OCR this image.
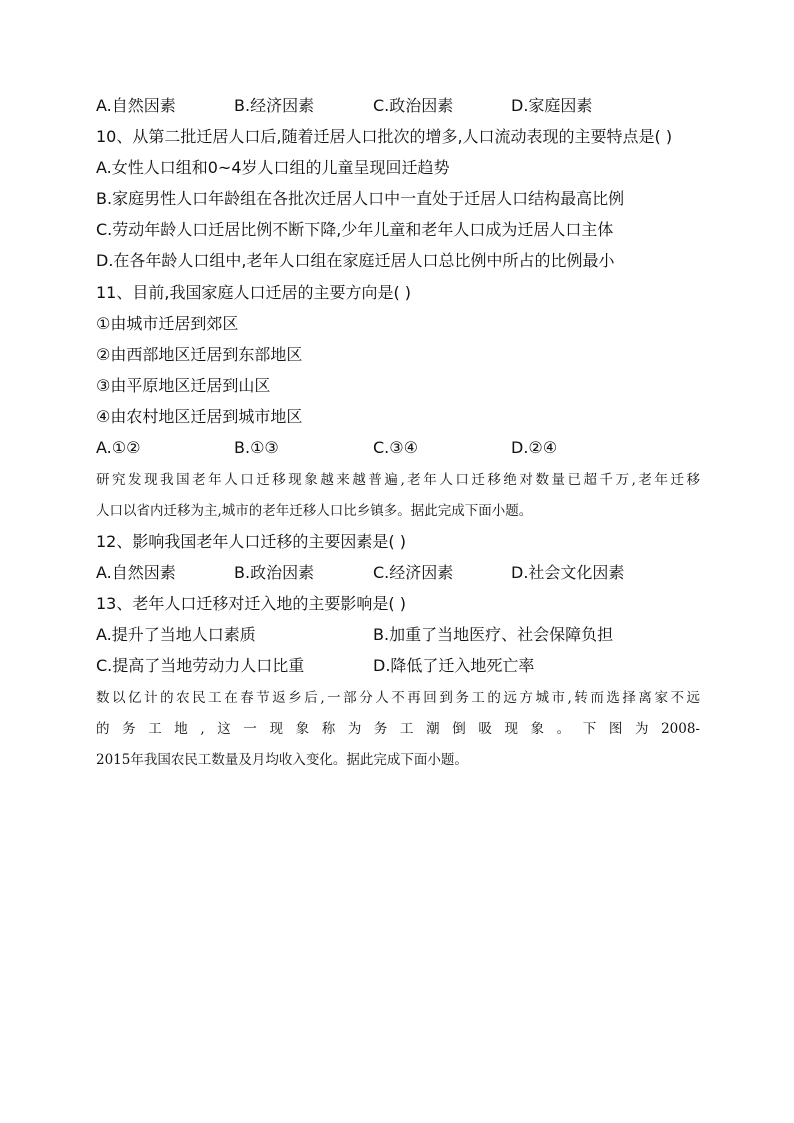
A.自然因素	B.经济因素	C.政治因素	D.家庭因素
10、从第二批迁居人口后,随着迁居人口批次的增多,人口流动表现的主要特点是( )
A.女性人口组和0~4岁人口组的儿童呈现回迁趋势
B.家庭男性人口年龄组在各批次迁居人口中一直处于迁居人口结构最高比例
C.劳动年龄人口迁居比例不断下降,少年儿童和老年人口成为迁居人口主体
D.在各年龄人口组中,老年人口组在家庭迁居人口总比例中所占的比例最小
11、目前,我国家庭人口迁居的主要方向是( )
①由城市迁居到郊区
②由西部地区迁居到东部地区
③由平原地区迁居到山区
④由农村地区迁居到城市地区
A.①②	B.①③	C.③④	D.②④

研究发现我国老年人口迁移现象越来越普遍,老年人口迁移绝对数量已超千万,老年迁移

人口以省内迁移为主,城市的老年迁移人口比乡镇多。据此完成下面小题。

12、影响我国老年人口迁移的主要因素是( )
A.自然因素	B.政治因素	C.经济因素	D.社会文化因素
13、老年人口迁移对迁入地的主要影响是( )
A.提升了当地人口素质	B.加重了当地医疗、社会保障负担
C.提高了当地劳动力人口比重	D.降低了迁入地死亡率

数以亿计的农民工在春节返乡后,一部分人不再回到务工的远方城市,转而选择离家不远

的务工地,这一现象称为务工潮倒吸现象。下图为2008-

2015年我国农民工数量及月均收入变化。据此完成下面小题。
